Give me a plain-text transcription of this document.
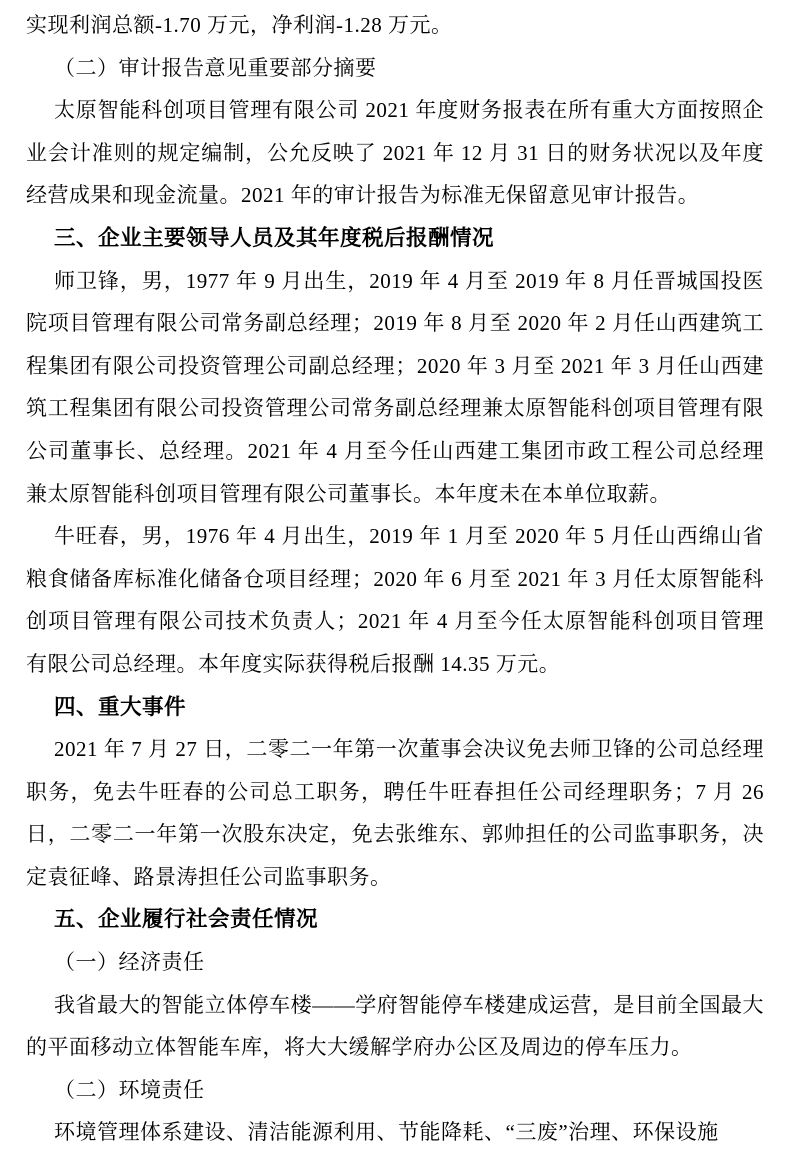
实现利润总额-1.70 万元，净利润-1.28 万元。

（二）审计报告意见重要部分摘要

太原智能科创项目管理有限公司 2021 年度财务报表在所有重大方面按照企业会计准则的规定编制，公允反映了 2021 年 12 月 31 日的财务状况以及年度经营成果和现金流量。2021 年的审计报告为标准无保留意见审计报告。

三、企业主要领导人员及其年度税后报酬情况

师卫锋，男，1977 年 9 月出生，2019 年 4 月至 2019 年 8 月任晋城国投医院项目管理有限公司常务副总经理；2019 年 8 月至 2020 年 2 月任山西建筑工程集团有限公司投资管理公司副总经理；2020 年 3 月至 2021 年 3 月任山西建筑工程集团有限公司投资管理公司常务副总经理兼太原智能科创项目管理有限公司董事长、总经理。2021 年 4 月至今任山西建工集团市政工程公司总经理兼太原智能科创项目管理有限公司董事长。本年度未在本单位取薪。

牛旺春，男，1976 年 4 月出生，2019 年 1 月至 2020 年 5 月任山西绵山省粮食储备库标准化储备仓项目经理；2020 年 6 月至 2021 年 3 月任太原智能科创项目管理有限公司技术负责人；2021 年 4 月至今任太原智能科创项目管理有限公司总经理。本年度实际获得税后报酬 14.35 万元。

四、重大事件

2021 年 7 月 27 日，二零二一年第一次董事会决议免去师卫锋的公司总经理职务，免去牛旺春的公司总工职务，聘任牛旺春担任公司经理职务；7 月 26 日，二零二一年第一次股东决定，免去张维东、郭帅担任的公司监事职务，决定袁征峰、路景涛担任公司监事职务。

五、企业履行社会责任情况

（一）经济责任

我省最大的智能立体停车楼——学府智能停车楼建成运营，是目前全国最大的平面移动立体智能车库，将大大缓解学府办公区及周边的停车压力。

（二）环境责任

环境管理体系建设、清洁能源利用、节能降耗、“三废”治理、环保设施
